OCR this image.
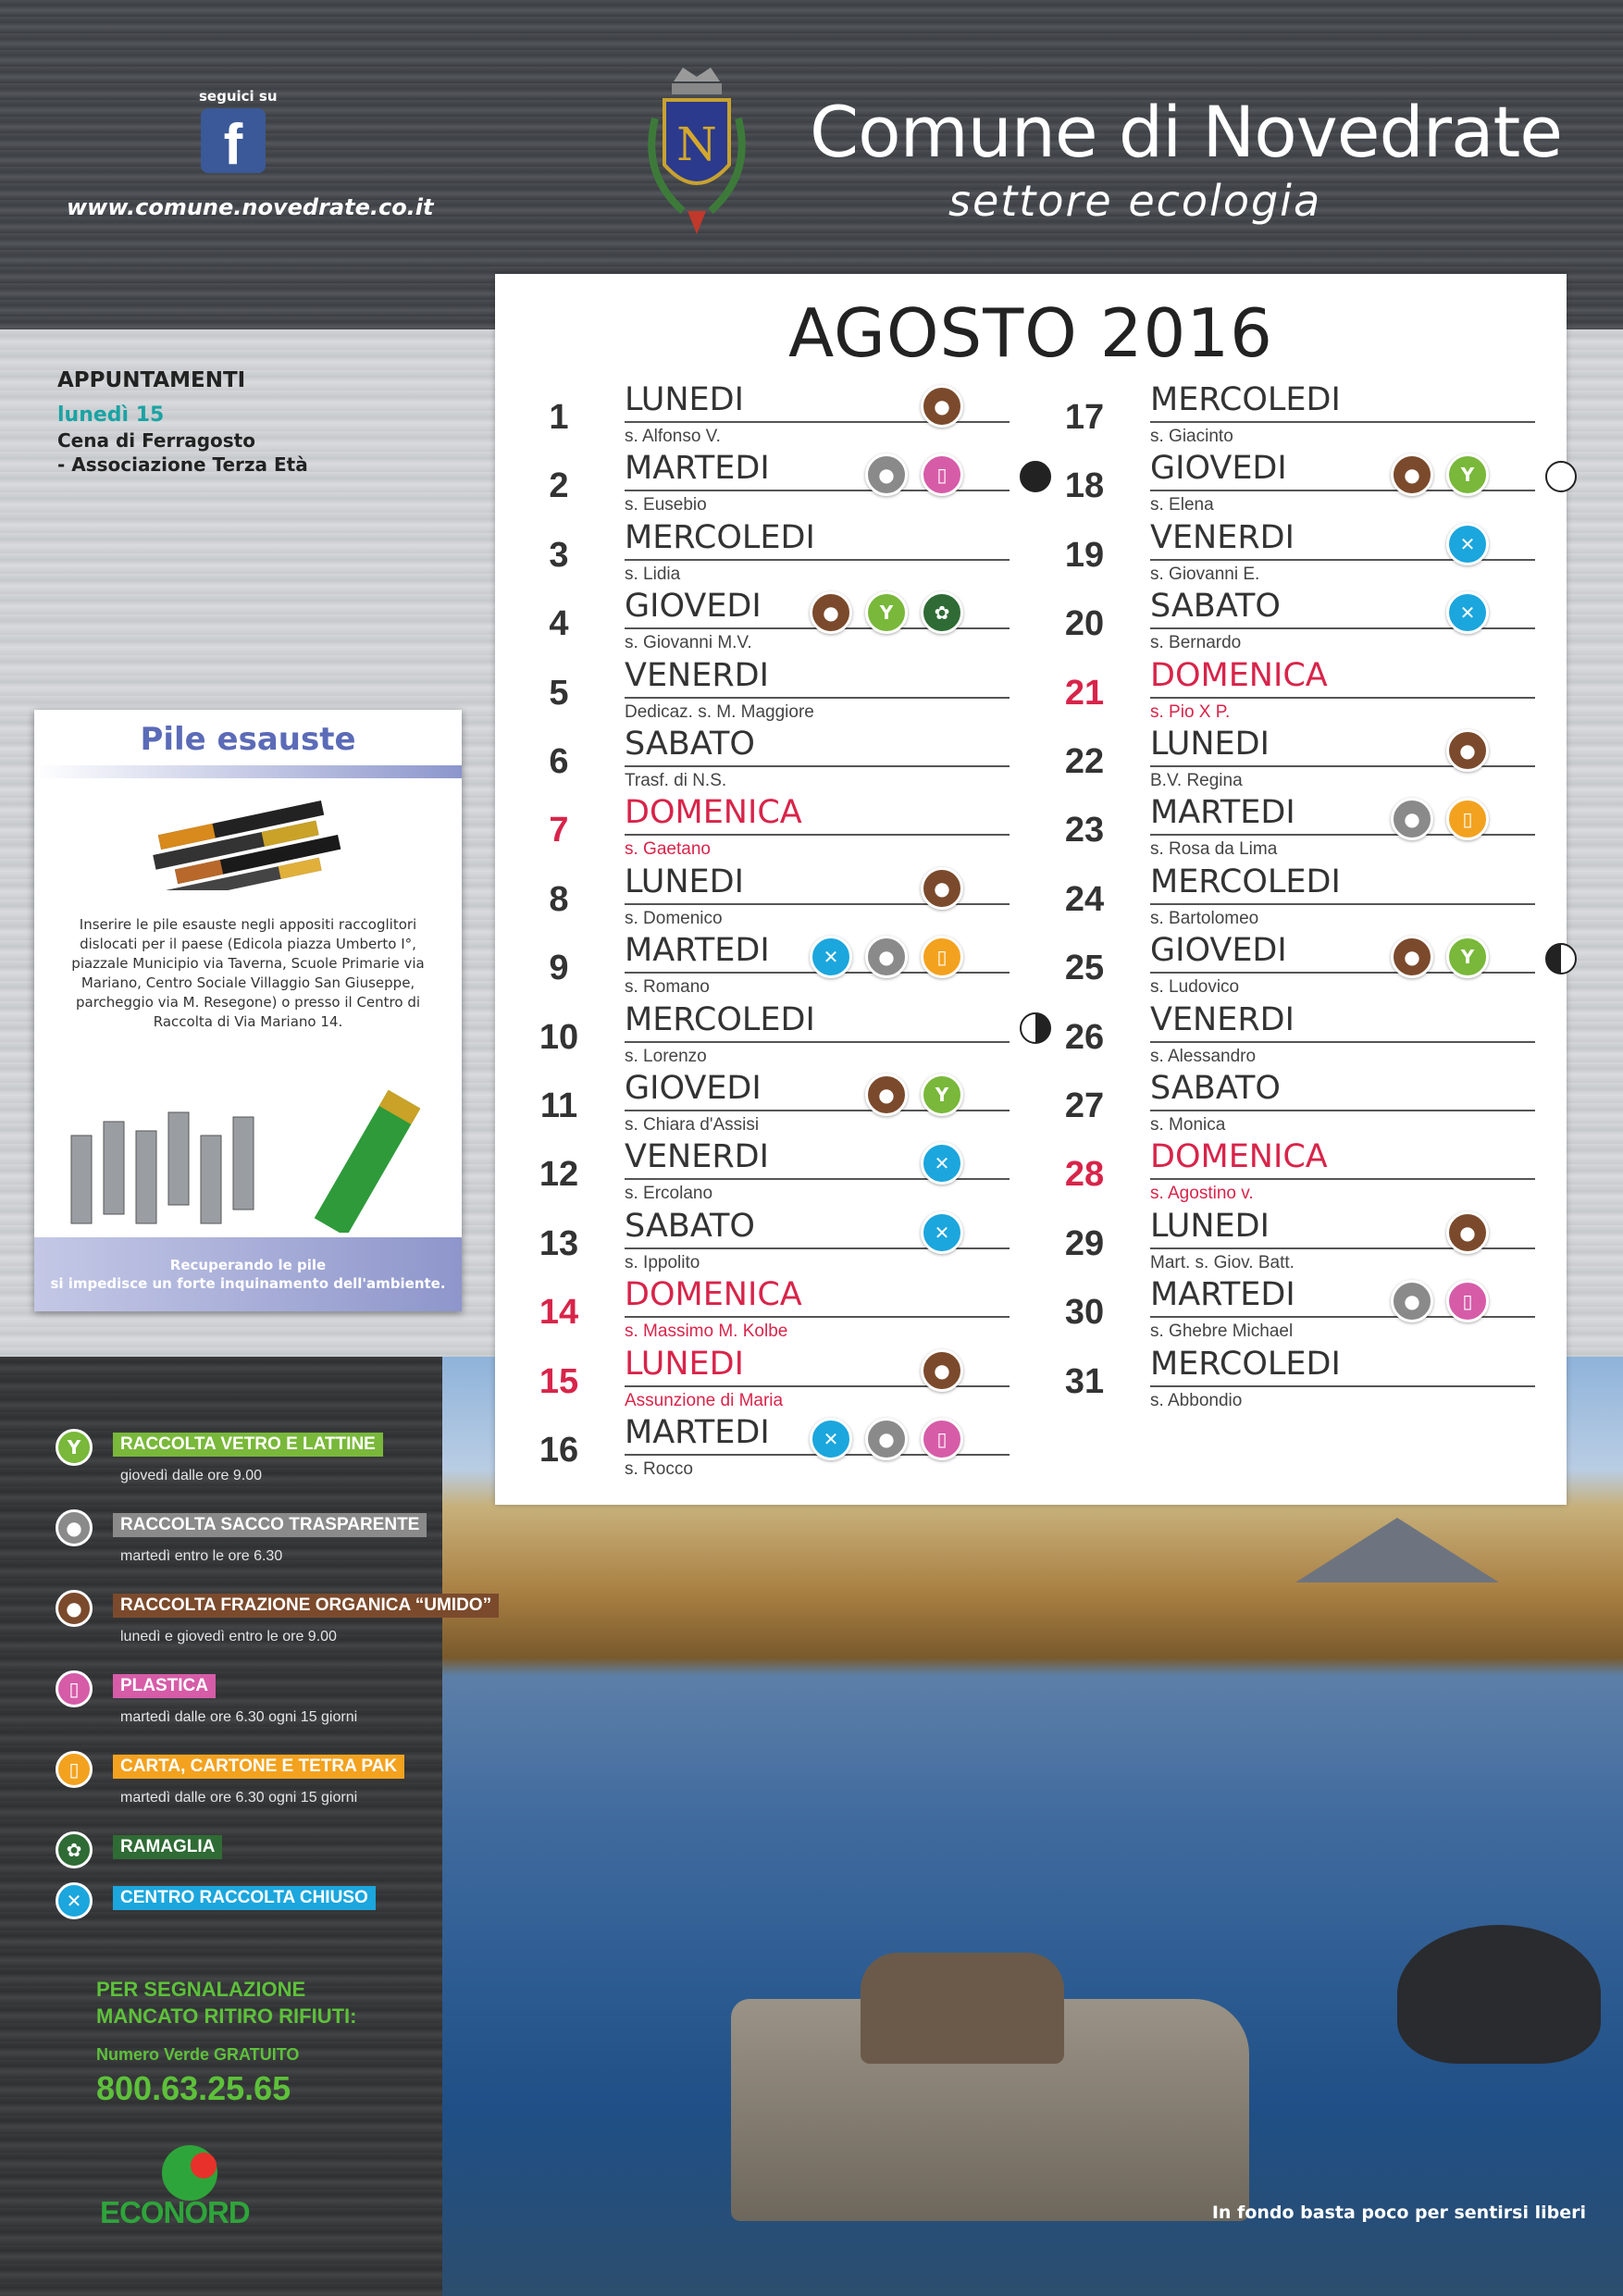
In fondo basta poco per sentirsi liberi
seguici su
f
www.comune.novedrate.co.it
N Comune di Novedrate
settore ecologia
APPUNTAMENTI
lunedì 15
Cena di Ferragosto
- Associazione Terza Età
Pile esauste
Inserire le pile esauste negli appositi raccoglitori dislocati per il paese (Edicola piazza Umberto I°, piazzale Municipio via Taverna, Scuole Primarie via Mariano, Centro Sociale Villaggio San Giuseppe, parcheggio via M. Resegone) o presso il Centro di Raccolta di Via Mariano 14.
Recuperando le pile
si impedisce un forte inquinamento dell'ambiente.
PER SEGNALAZIONE
MANCATO RITIRO RIFIUTI:
Numero Verde GRATUITO
800.63.25.65
ECONORD
AGOSTO 2016
1	LUNEDI
s. Alfonso V.
●
2	MARTEDI
s. Eusebio
●	▯
3	MERCOLEDI
s. Lidia
4	GIOVEDI
s. Giovanni M.V.
●	Y	✿
5	VENERDI
Dedicaz. s. M. Maggiore
6	SABATO
Trasf. di N.S.
7	DOMENICA
s. Gaetano
8	LUNEDI
s. Domenico
●
9	MARTEDI
s. Romano
✕	●	▯
10 MERCOLEDI
s. Lorenzo
11 GIOVEDI
s. Chiara d'Assisi
●	Y
12 VENERDI
s. Ercolano
✕
13 SABATO
s. Ippolito
✕
14 DOMENICA
s. Massimo M. Kolbe
15 LUNEDI
Assunzione di Maria
●
16 MARTEDI
s. Rocco
✕	●	▯
17 MERCOLEDI
s. Giacinto
18 GIOVEDI
s. Elena
●	Y
19 VENERDI
s. Giovanni E.
✕
20 SABATO
s. Bernardo
✕
21 DOMENICA
s. Pio X P.
22 LUNEDI
B.V. Regina
●
23 MARTEDI
s. Rosa da Lima
●	▯
24 MERCOLEDI
s. Bartolomeo
25 GIOVEDI
s. Ludovico
●	Y
26 VENERDI
s. Alessandro
27 SABATO
s. Monica
28 DOMENICA
s. Agostino v.
29 LUNEDI
Mart. s. Giov. Batt.
●
30 MARTEDI
s. Ghebre Michael
●	▯
31 MERCOLEDI
s. Abbondio
Y	RACCOLTA VETRO E LATTINE
giovedì dalle ore 9.00
●	RACCOLTA SACCO TRASPARENTE
martedì entro le ore 6.30
●	RACCOLTA FRAZIONE ORGANICA “UMIDO”
lunedì e giovedì entro le ore 9.00
▯	PLASTICA
martedì dalle ore 6.30 ogni 15 giorni
▯	CARTA, CARTONE E TETRA PAK
martedì dalle ore 6.30 ogni 15 giorni
✿	RAMAGLIA
✕	CENTRO RACCOLTA CHIUSO
